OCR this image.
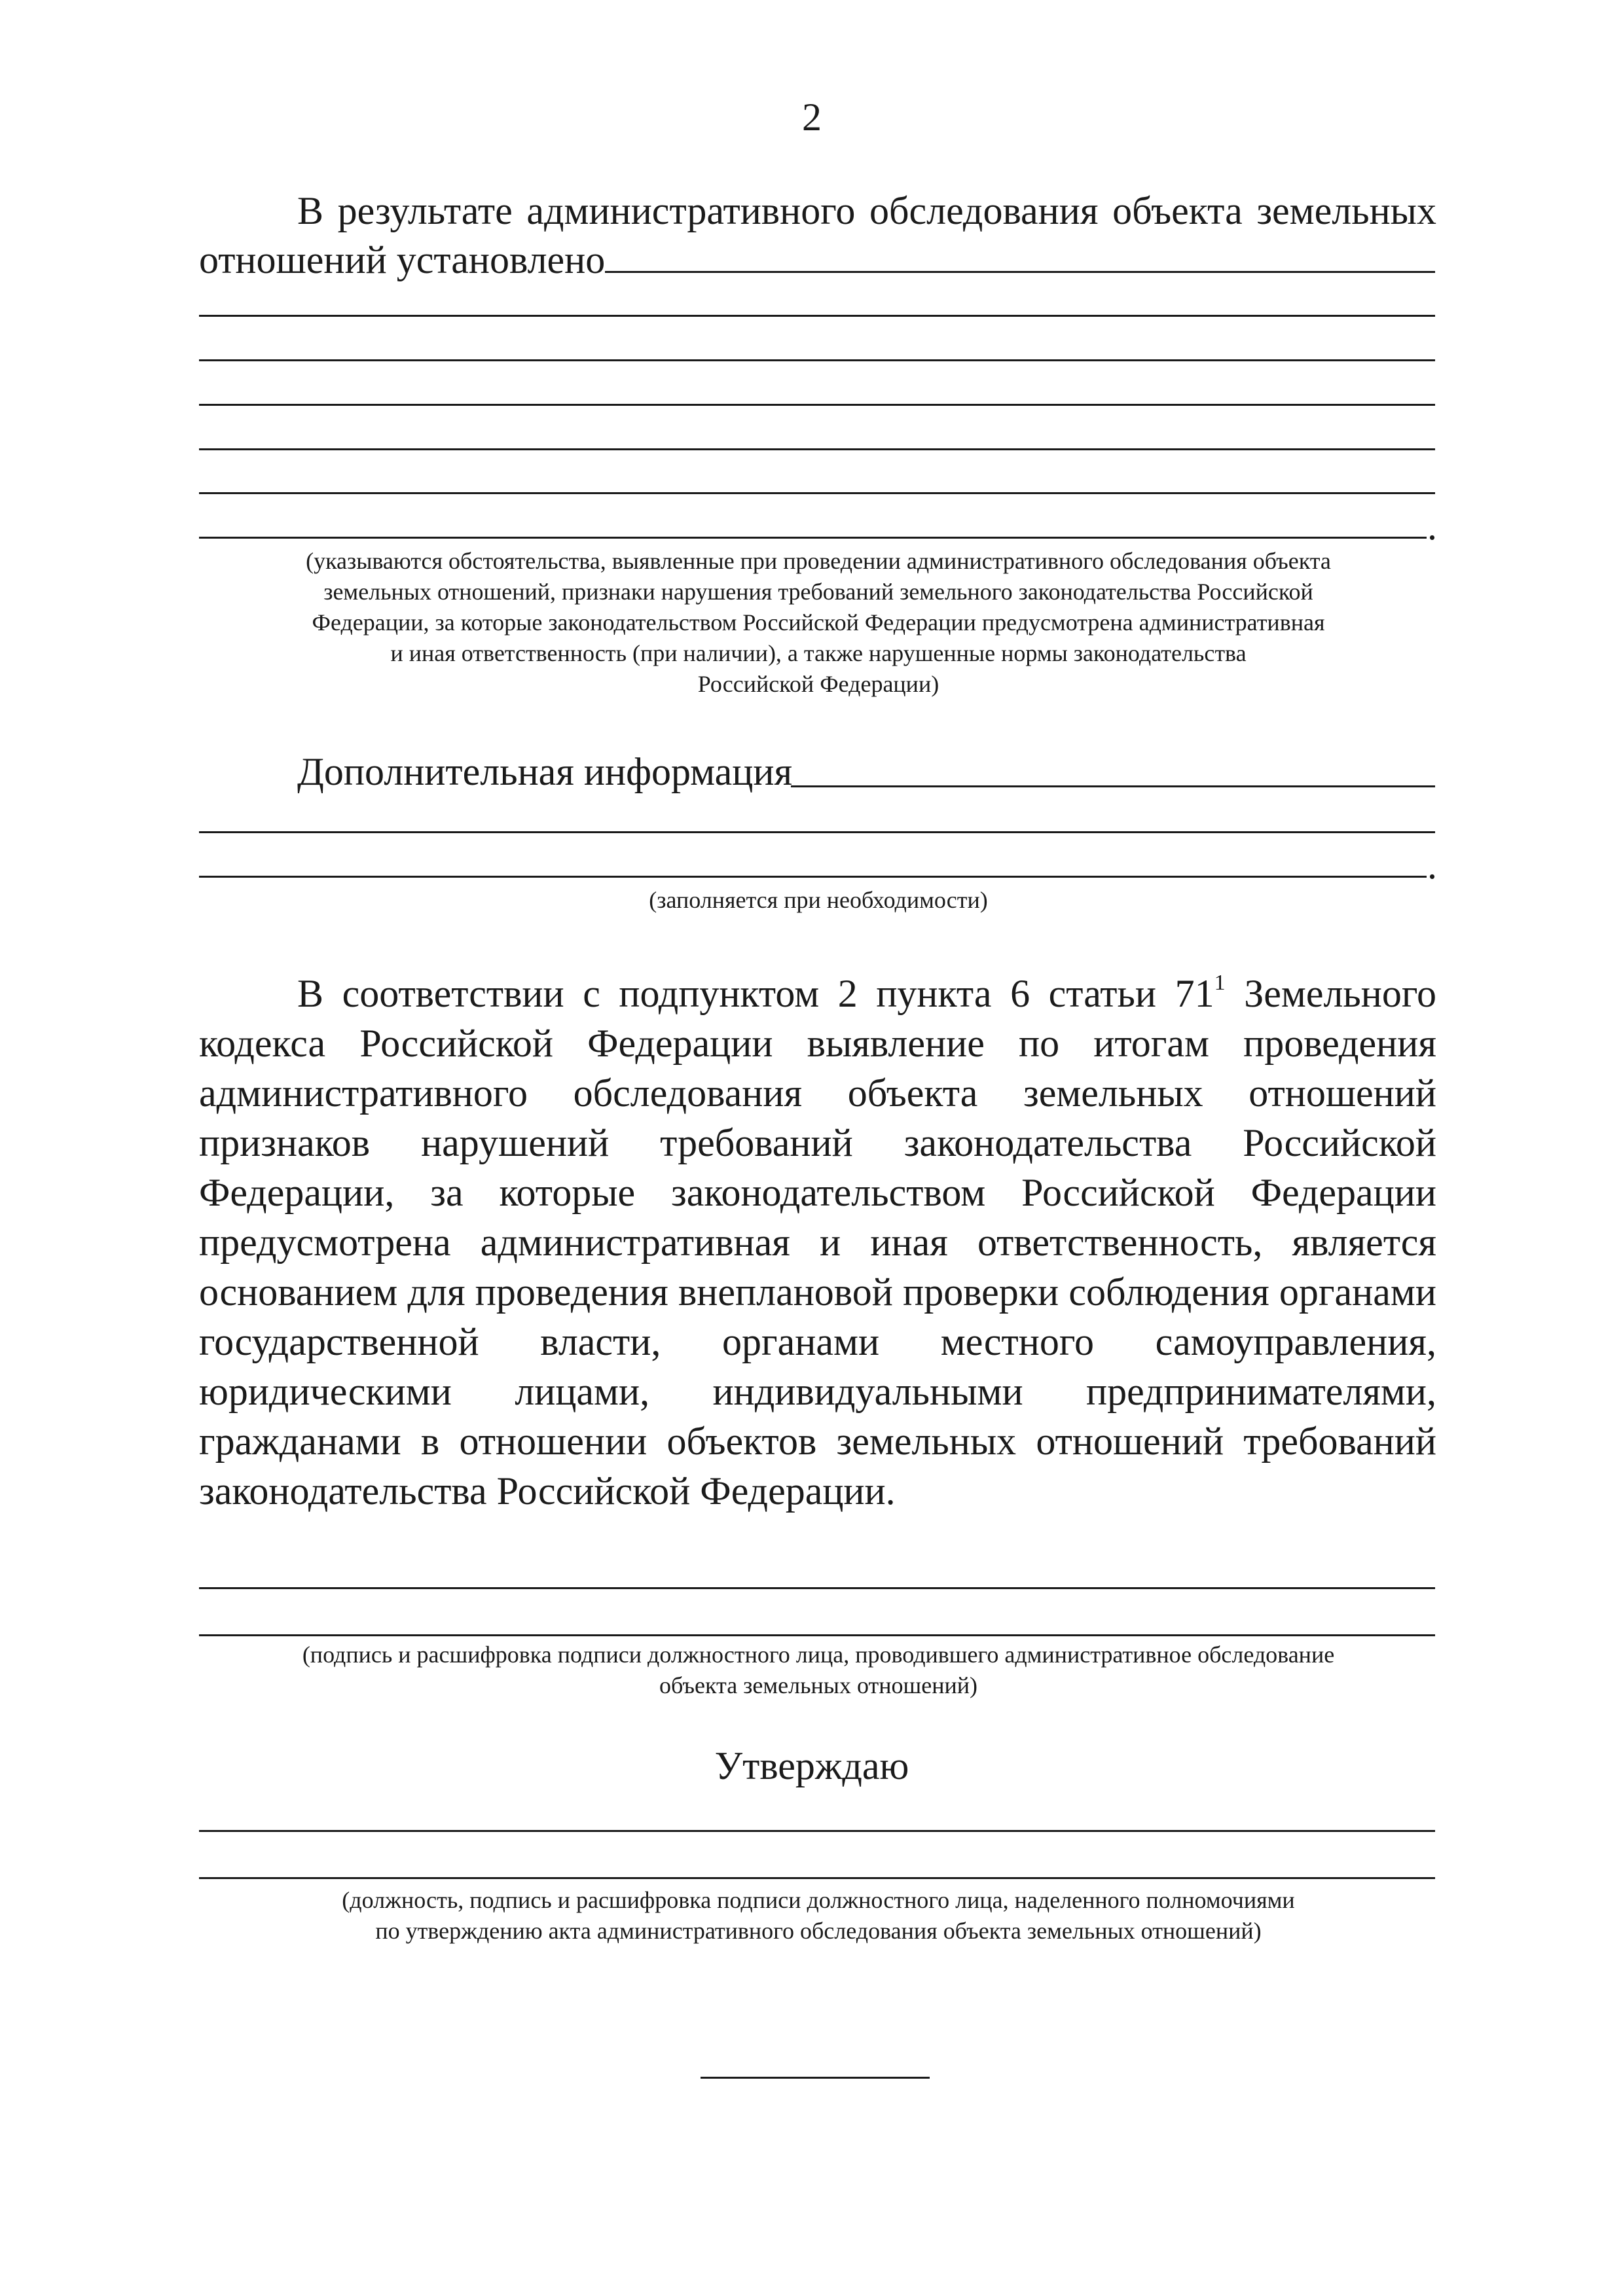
2
В результате административного обследования объекта земельных
отношений установлено
.
(указываются обстоятельства, выявленные при проведении административного обследования объекта
земельных отношений, признаки нарушения требований земельного законодательства Российской
Федерации, за которые законодательством Российской Федерации предусмотрена административная
и иная ответственность (при наличии), а также нарушенные нормы законодательства
Российской Федерации)
Дополнительная информация
.
(заполняется при необходимости)
В соответствии с подпунктом 2 пункта 6 статьи $71^1$ Земельного
кодекса Российской Федерации выявление по итогам проведения
административного обследования объекта земельных отношений
признаков нарушений требований законодательства Российской
Федерации, за которые законодательством Российской Федерации
предусмотрена административная и иная ответственность, является
основанием для проведения внеплановой проверки соблюдения органами
государственной власти, органами местного самоуправления,
юридическими лицами, индивидуальными предпринимателями,
гражданами в отношении объектов земельных отношений требований
законодательства Российской Федерации.
(подпись и расшифровка подписи должностного лица, проводившего административное обследование
объекта земельных отношений)
Утверждаю
(должность, подпись и расшифровка подписи должностного лица, наделенного полномочиями
по утверждению акта административного обследования объекта земельных отношений)
